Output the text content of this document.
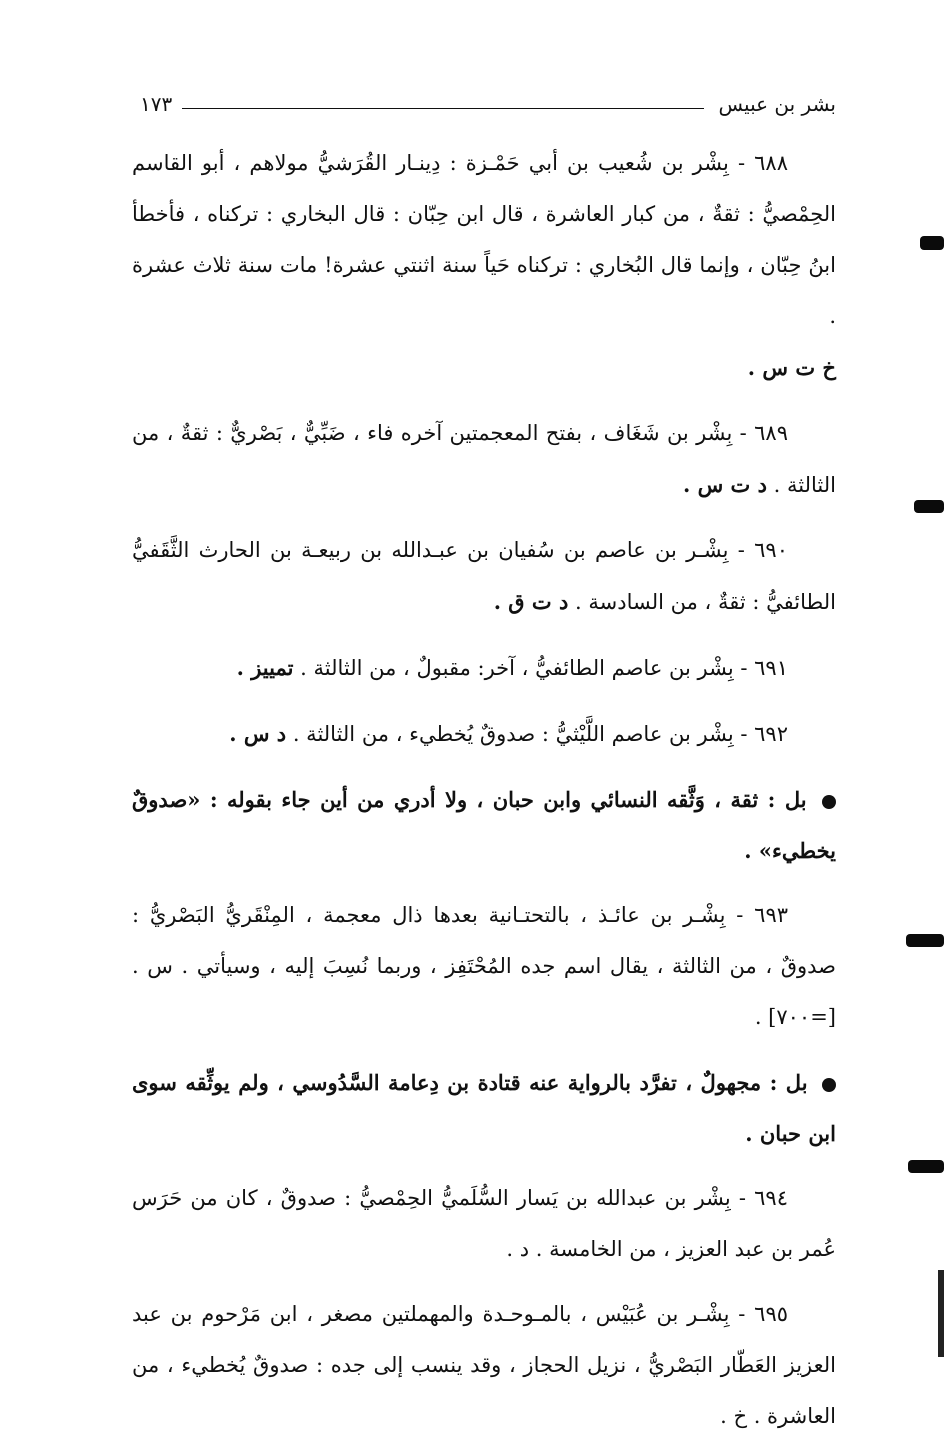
بشر بن عبيس
١٧٣

٦٨٨ - بِشْر بن شُعيب بن أبي حَمْـزة : دِينـار القُرَشيُّ مولاهم ، أبو القاسم الحِمْصيُّ : ثقةٌ ، من كبار العاشرة ، قال ابن حِبّان : قال البخاري : تركناه ، فأخطأ ابنُ حِبّان ، وإنما قال البُخاري : تركناه حَياً سنة اثنتي عشرة! مات سنة ثلاث عشرة .
خ ت س .

٦٨٩ - بِشْر بن شَغَاف ، بفتح المعجمتين آخره فاء ، ضَبِّيٌّ ، بَصْريٌّ : ثقةٌ ، من الثالثة . د ت س .

٦٩٠ - بِشْـر بن عاصم بن سُفيان بن عبـدالله بن ربيعـة بن الحارث الثَّقَفيُّ الطائفيُّ : ثقةٌ ، من السادسة . د ت ق .

٦٩١ - بِشْر بن عاصم الطائفيُّ ، آخر: مقبولٌ ، من الثالثة . تمييز .

٦٩٢ - بِشْر بن عاصم اللَّيْثيُّ : صدوقٌ يُخطيء ، من الثالثة . د س .

بل : ثقة ، وَثَّقه النسائي وابن حبان ، ولا أدري من أين جاء بقوله : «صدوقٌ يخطيء» .

٦٩٣ - بِشْـر بن عائـذ ، بالتحتـانية بعدها ذال معجمة ، المِنْقَريُّ البَصْريُّ : صدوقٌ ، من الثالثة ، يقال اسم جده المُحْتَفِز ، وربما نُسِبَ إليه ، وسيأتي . س . [=٧٠٠] .

بل : مجهولٌ ، تفرَّد بالرواية عنه قتادة بن دِعامة السَّدُوسي ، ولم يوثِّقه سوى ابن حبان .

٦٩٤ - بِشْر بن عبدالله بن يَسار السُّلَميُّ الحِمْصيُّ : صدوقٌ ، كان من حَرَس عُمر بن عبد العزيز ، من الخامسة . د .

٦٩٥ - بِشْـر بن عُبَيْس ، بالمـوحـدة والمهملتين مصغر ، ابن مَرْحوم بن عبد العزيز العَطّار البَصْريُّ ، نزيل الحجاز ، وقد ينسب إلى جده : صدوقٌ يُخطيء ، من العاشرة . خ .
